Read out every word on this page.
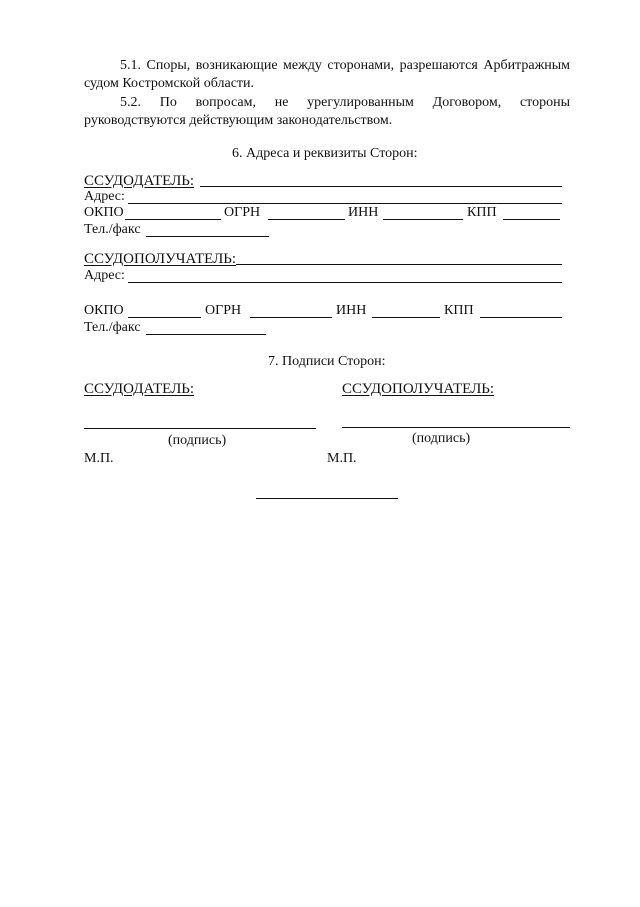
5.1. Споры, возникающие между сторонами, разрешаются Арбитражным
судом Костромской области.
5.2. По вопросам, не урегулированным Договором, стороны
руководствуются действующим законодательством.
6. Адреса и реквизиты Сторон:
ССУДОДАТЕЛЬ:
Адрес:
ОКПО	ОГРН	ИНН	КПП
Тел./факс
ССУДОПОЛУЧАТЕЛЬ:
Адрес:
ОКПО	ОГРН	ИНН	КПП
Тел./факс
7. Подписи Сторон:
ССУДОДАТЕЛЬ:	ССУДОПОЛУЧАТЕЛЬ:
(подпись)	(подпись)
М.П.	М.П.
